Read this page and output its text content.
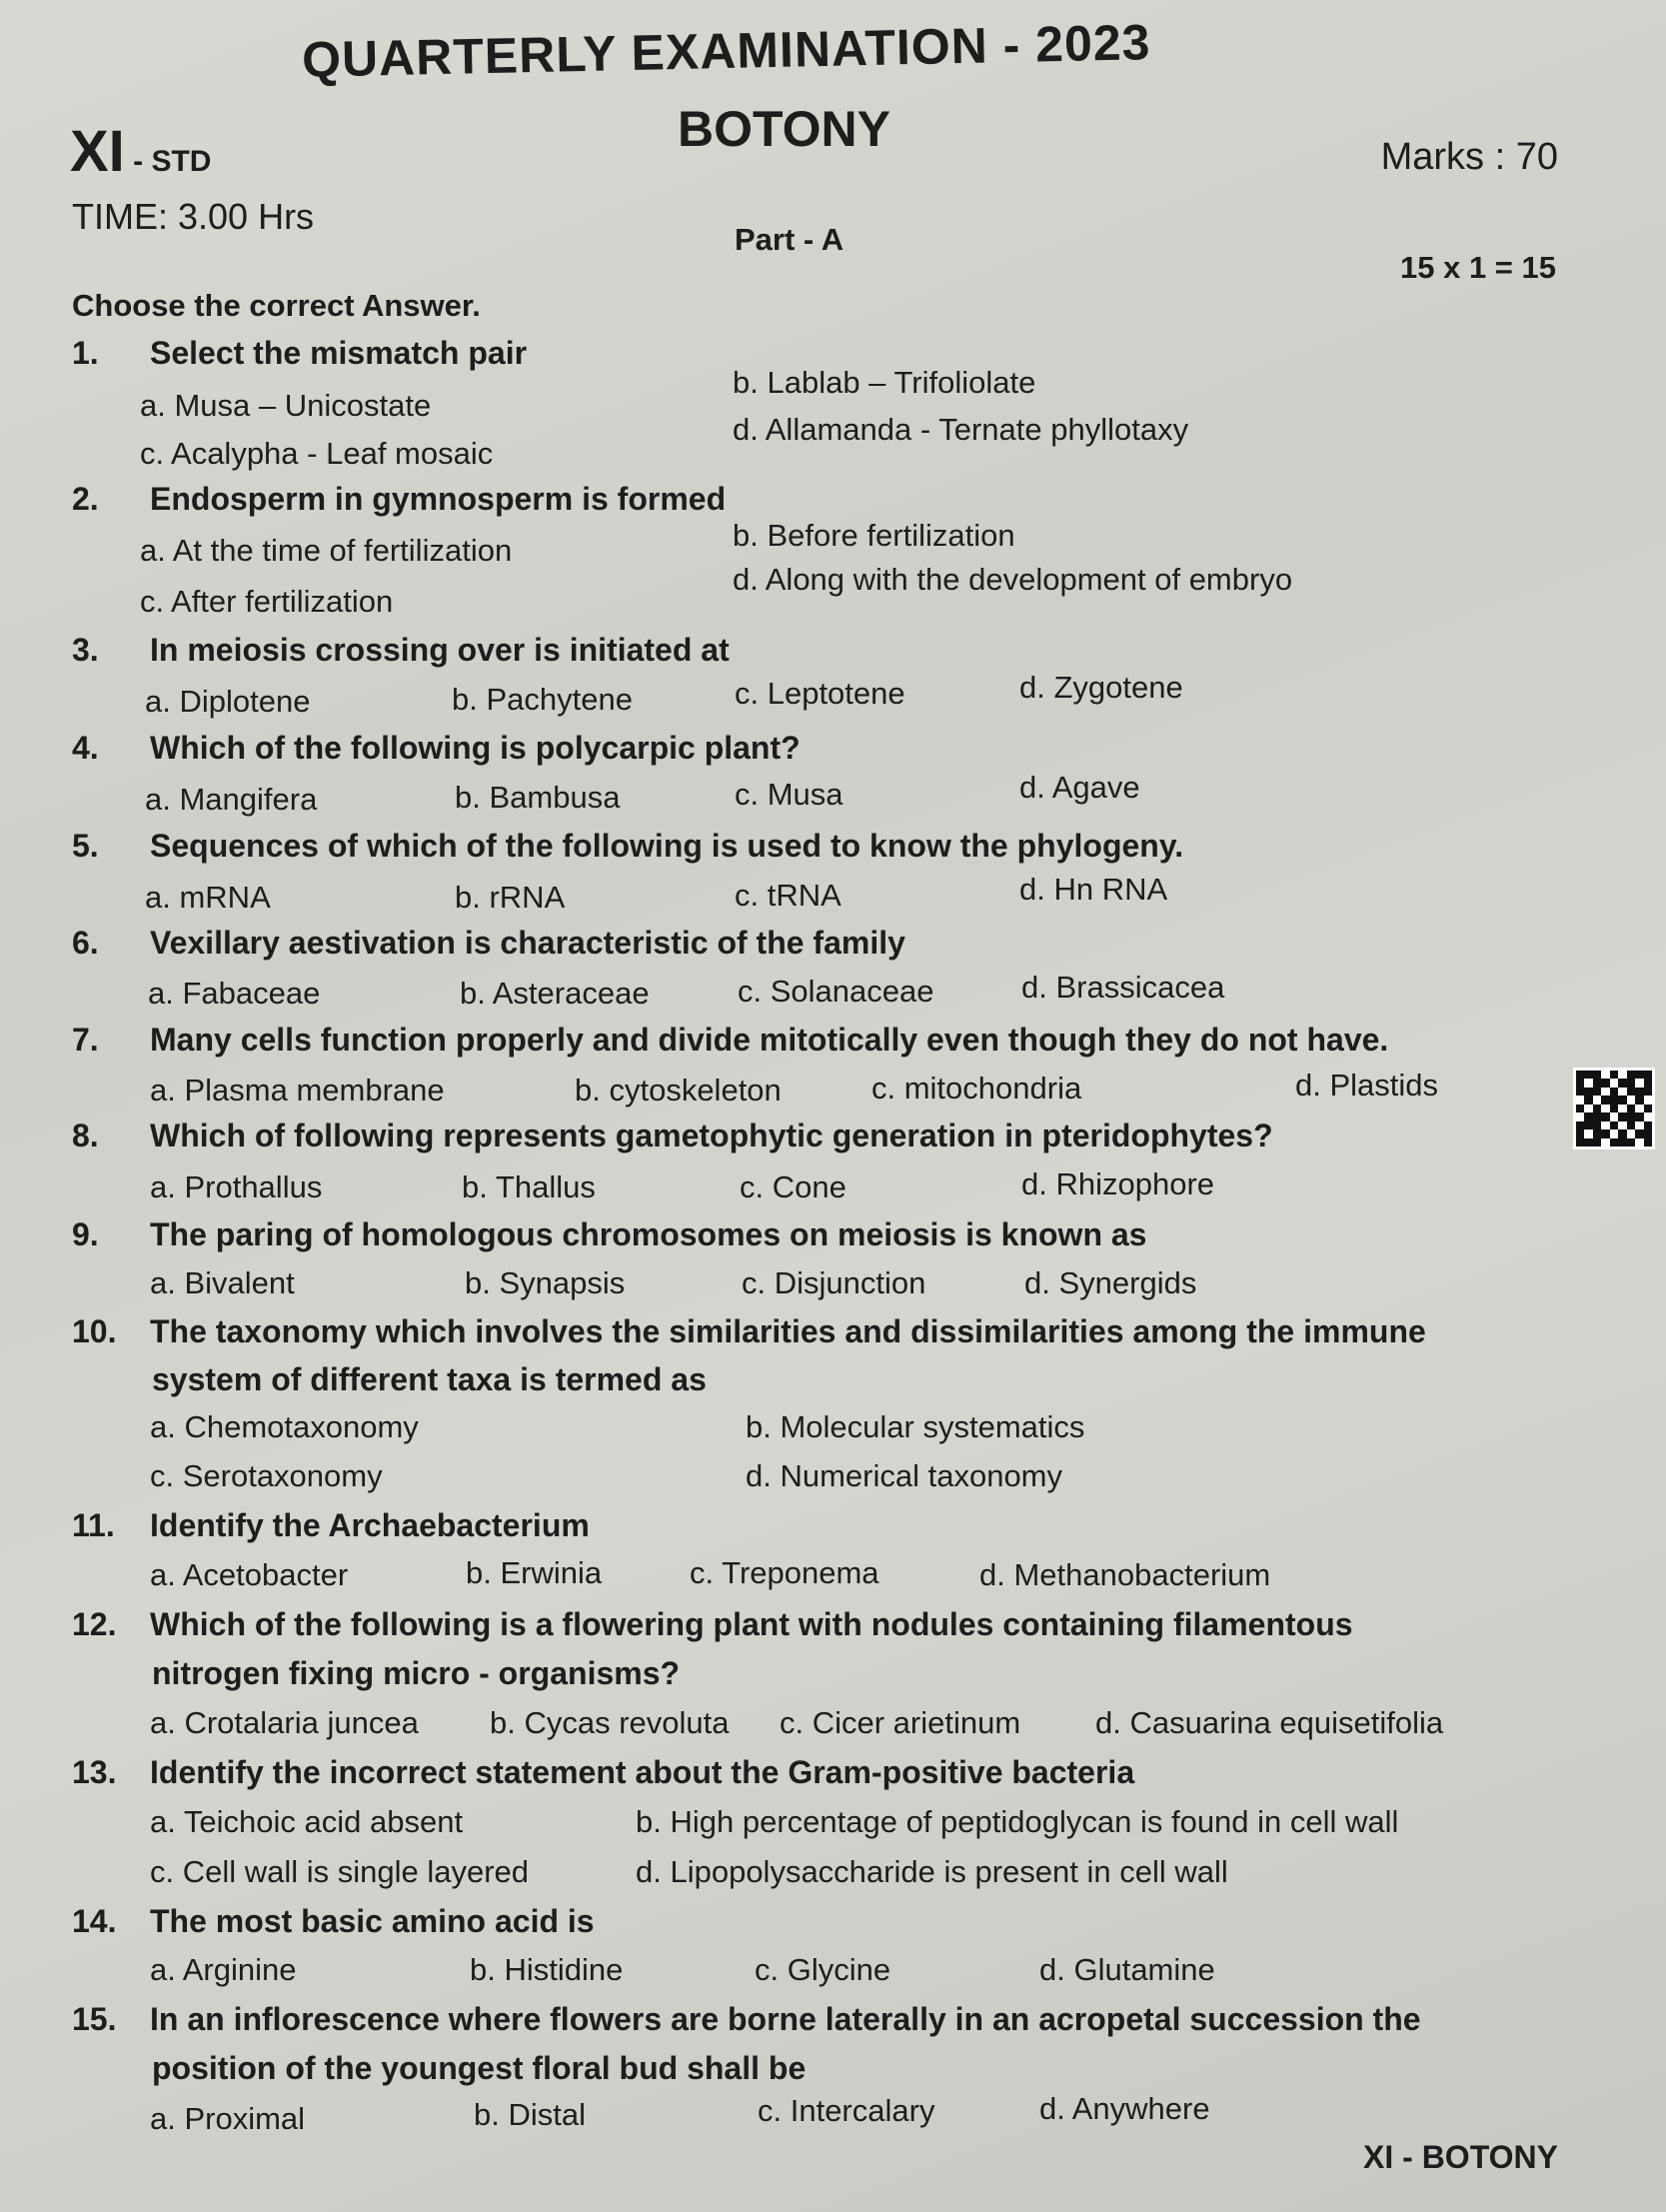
QUARTERLY EXAMINATION - 2023
XI - STD
BOTONY	Marks : 70
TIME: 3.00 Hrs
Part - A
15 x 1 = 15
Choose the correct Answer.
1. Select the mismatch pair
a. Musa – Unicostate
b. Lablab – Trifoliolate
c. Acalypha - Leaf mosaic
d. Allamanda - Ternate phyllotaxy
2. Endosperm in gymnosperm is formed
a. At the time of fertilization	b. Before fertilization
c. After fertilization
d. Along with the development of embryo
3. In meiosis crossing over is initiated at
a. Diplotene	b. Pachytene	c. Leptotene	d. Zygotene
4. Which of the following is polycarpic plant?
a. Mangifera	b. Bambusa	c. Musa	d. Agave
5. Sequences of which of the following is used to know the phylogeny.
a. mRNA	b. rRNA	c. tRNA	d. Hn RNA
6. Vexillary aestivation is characteristic of the family
a. Fabaceae	b. Asteraceae	c. Solanaceae	d. Brassicacea
7. Many cells function properly and divide mitotically even though they do not have.
a. Plasma membrane	b. cytoskeleton	c. mitochondria	d. Plastids
8. Which of following represents gametophytic generation in pteridophytes?
a. Prothallus	b. Thallus	c. Cone	d. Rhizophore
9. The paring of homologous chromosomes on meiosis is known as
a. Bivalent	b. Synapsis	c. Disjunction	d. Synergids
10. The taxonomy which involves the similarities and dissimilarities among the immune
system of different taxa is termed as
a. Chemotaxonomy	b. Molecular systematics
c. Serotaxonomy	d. Numerical taxonomy
11. Identify the Archaebacterium
a. Acetobacter	b. Erwinia	c. Treponema	d. Methanobacterium
12. Which of the following is a flowering plant with nodules containing filamentous
nitrogen fixing micro - organisms?
a. Crotalaria juncea b. Cycas revoluta c. Cicer arietinum d. Casuarina equisetifolia
13. Identify the incorrect statement about the Gram-positive bacteria
a. Teichoic acid absent	b. High percentage of peptidoglycan is found in cell wall
c. Cell wall is single layered	d. Lipopolysaccharide is present in cell wall
14. The most basic amino acid is
a. Arginine	b. Histidine	c. Glycine	d. Glutamine
15. In an inflorescence where flowers are borne laterally in an acropetal succession the
position of the youngest floral bud shall be
a. Proximal	b. Distal	c. Intercalary	d. Anywhere
XI - BOTONY
